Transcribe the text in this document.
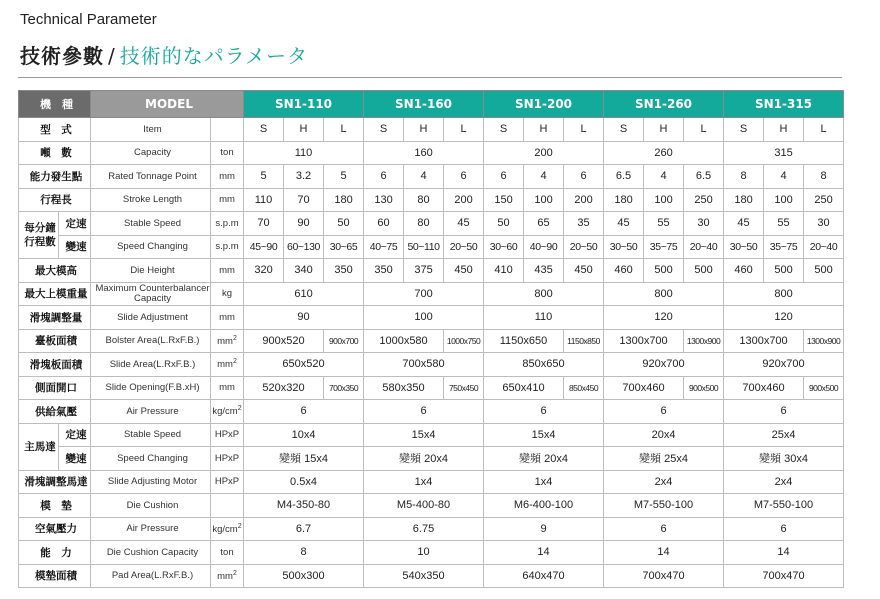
Technical Parameter
技術參數 / 技術的なパラメータ
機　種		MODEL		SN1-110			SN1-160			SN1-200			SN1-260			SN1-315		
型　式		Item		S	H	L	S	H	L	S	H	L	S	H	L	S	H	L
噸　數		Capacity	ton	110			160			200			260			315		
能力發生點		Rated Tonnage Point	mm	5	3.2	5	6	4	6	6	4	6	6.5	4	6.5	8	4	8
行程長		Stroke Length	mm	110	70	180	130	80	200	150	100	200	180	100	250	180	100	250
每分鐘行程數	定速	Stable Speed	s.p.m	70	90	50	60	80	45	50	65	35	45	55	30	45	55	30
	變速	Speed Changing	s.p.m	45~90	60~130	30~65	40~75	50~110	20~50	30~60	40~90	20~50	30~50	35~75	20~40	30~50	35~75	20~40
最大模高		Die Height	mm	320	340	350	350	375	450	410	435	450	460	500	500	460	500	500
最大上模重量		Maximum Counterbalancer Capacity	kg	610			700			800			800			800		
滑塊調整量		Slide Adjustment	mm	90			100			110			120			120		
臺板面積		Bolster Area(L.RxF.B.)	$mm^2$	900x520		900x700	1000x580		1000x750	1150x650		1150x850	1300x700		1300x900	1300x700		1300x900
滑塊板面積		Slide Area(L.RxF.B.)	$mm^2$	650x520			700x580			850x650			920x700			920x700		
側面開口		Slide Opening(F.B.xH)	mm	520x320		700x350	580x350		750x450	650x410		850x450	700x460		900x500	700x460		900x500
供給氣壓		Air Pressure	$kg/cm^2$	6			6			6			6			6		
主馬達	定速	Stable Speed	HPxP	10x4			15x4			15x4			20x4			25x4		
	變速	Speed Changing	HPxP	變頻 15x4			變頻 20x4			變頻 20x4			變頻 25x4			變頻 30x4		
滑塊調整馬達		Slide Adjusting Motor	HPxP	0.5x4			1x4			1x4			2x4			2x4		
模　墊		Die Cushion		M4-350-80			M5-400-80			M6-400-100			M7-550-100			M7-550-100		
空氣壓力		Air Pressure	$kg/cm^2$	6.7			6.75			9			6			6		
能　力		Die Cushion Capacity	ton	8			10			14			14			14		
模墊面積		Pad Area(L.RxF.B.)	$mm^2$	500x300			540x350			640x470			700x470			700x470		
